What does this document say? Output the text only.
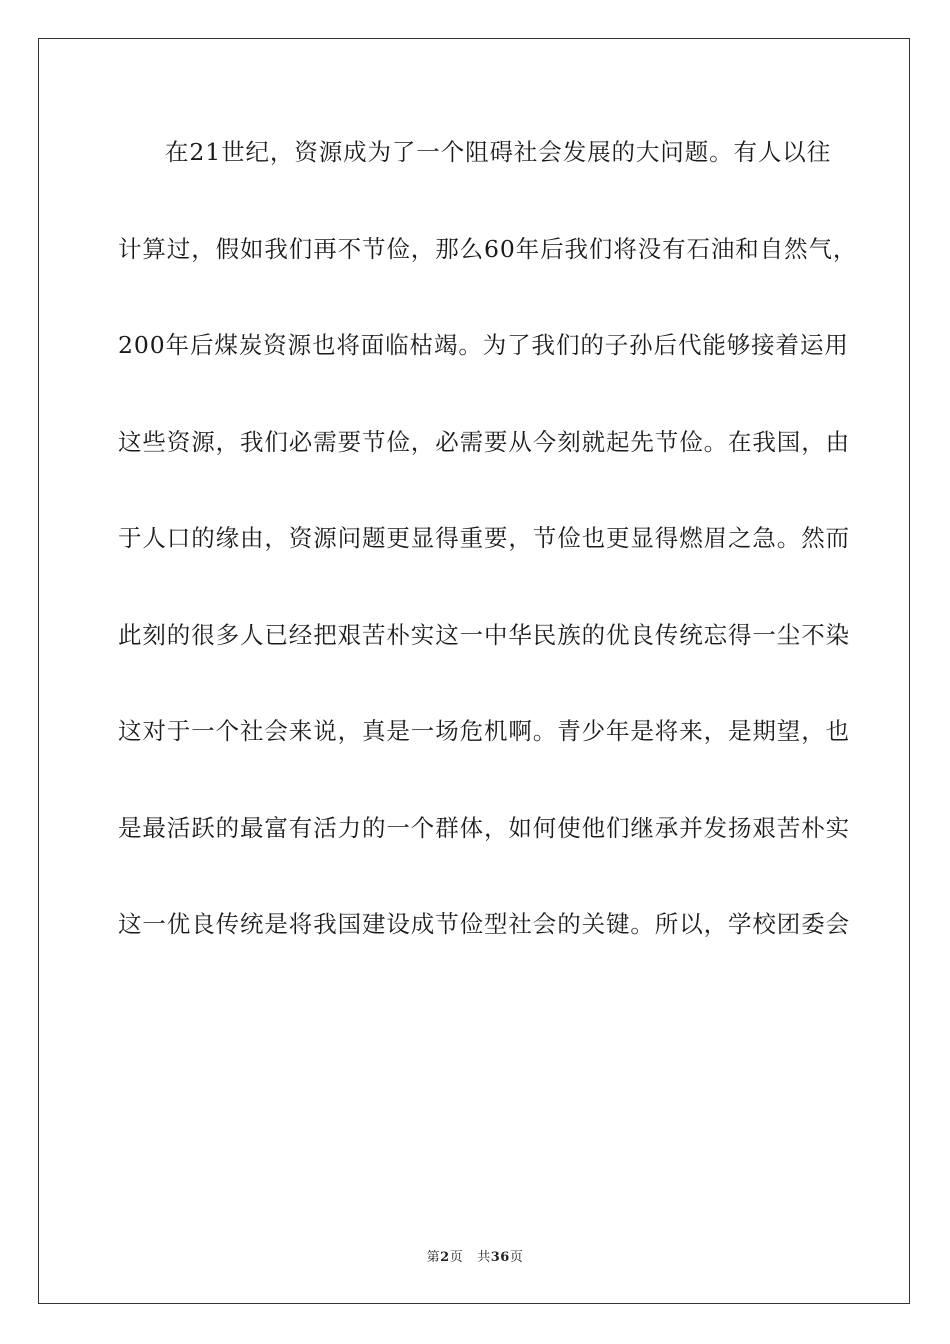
在21世纪，资源成为了一个阻碍社会发展的大问题。有人以往
计算过，假如我们再不节俭，那么60年后我们将没有石油和自然气，
200年后煤炭资源也将面临枯竭。为了我们的子孙后代能够接着运用
这些资源，我们必需要节俭，必需要从今刻就起先节俭。在我国，由
于人口的缘由，资源问题更显得重要，节俭也更显得燃眉之急。然而
此刻的很多人已经把艰苦朴实这一中华民族的优良传统忘得一尘不染
这对于一个社会来说，真是一场危机啊。青少年是将来，是期望，也
是最活跃的最富有活力的一个群体，如何使他们继承并发扬艰苦朴实
这一优良传统是将我国建设成节俭型社会的关键。所以，学校团委会
第2页 共36页
